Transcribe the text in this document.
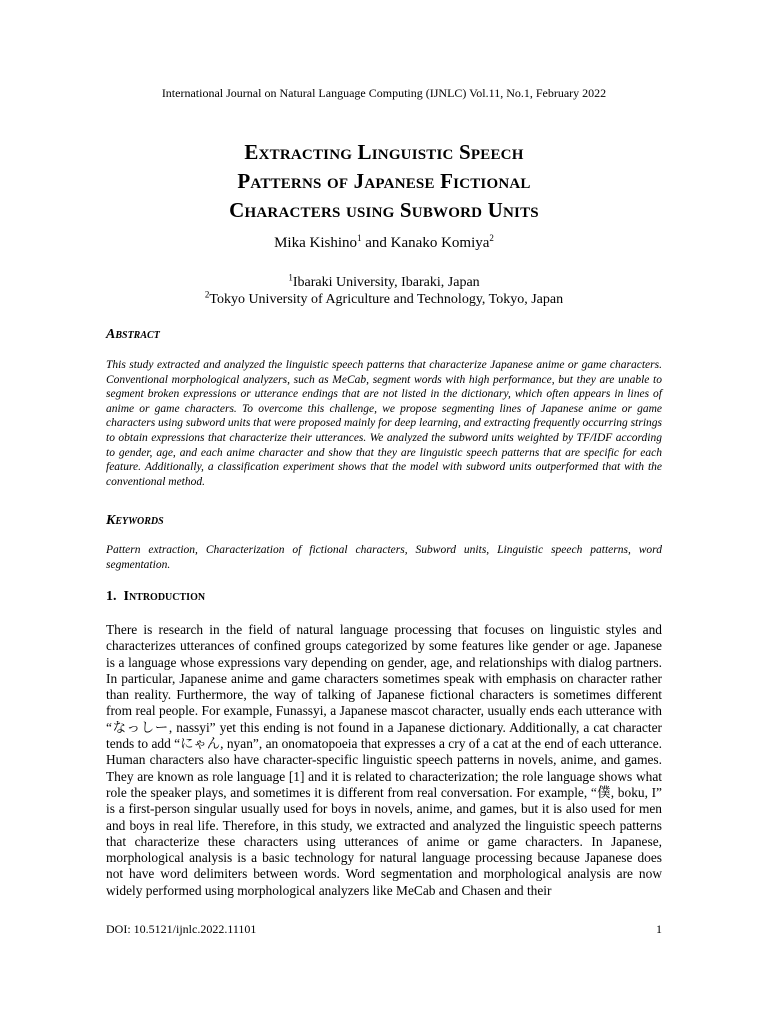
International Journal on Natural Language Computing (IJNLC) Vol.11, No.1, February 2022
Extracting Linguistic Speech
Patterns of Japanese Fictional
Characters using Subword Units
Mika Kishino$^1$ and Kanako Komiya$^2$
$^1$Ibaraki University, Ibaraki, Japan
$^2$Tokyo University of Agriculture and Technology, Tokyo, Japan
Abstract
This study extracted and analyzed the linguistic speech patterns that characterize Japanese anime or game characters. Conventional morphological analyzers, such as MeCab, segment words with high performance, but they are unable to segment broken expressions or utterance endings that are not listed in the dictionary, which often appears in lines of anime or game characters. To overcome this challenge, we propose segmenting lines of Japanese anime or game characters using subword units that were proposed mainly for deep learning, and extracting frequently occurring strings to obtain expressions that characterize their utterances. We analyzed the subword units weighted by TF/IDF according to gender, age, and each anime character and show that they are linguistic speech patterns that are specific for each feature. Additionally, a classification experiment shows that the model with subword units outperformed that with the conventional method.
Keywords
Pattern extraction, Characterization of fictional characters, Subword units, Linguistic speech patterns, word segmentation.
1. Introduction
There is research in the field of natural language processing that focuses on linguistic styles and characterizes utterances of confined groups categorized by some features like gender or age. Japanese is a language whose expressions vary depending on gender, age, and relationships with dialog partners. In particular, Japanese anime and game characters sometimes speak with emphasis on character rather than reality. Furthermore, the way of talking of Japanese fictional characters is sometimes different from real people. For example, Funassyi, a Japanese mascot character, usually ends each utterance with “なっしー, nassyi” yet this ending is not found in a Japanese dictionary. Additionally, a cat character tends to add “にゃん, nyan”, an onomatopoeia that expresses a cry of a cat at the end of each utterance. Human characters also have character-specific linguistic speech patterns in novels, anime, and games. They are known as role language [1] and it is related to characterization; the role language shows what role the speaker plays, and sometimes it is different from real conversation. For example, “僕, boku, I” is a first-person singular usually used for boys in novels, anime, and games, but it is also used for men and boys in real life. Therefore, in this study, we extracted and analyzed the linguistic speech patterns that characterize these characters using utterances of anime or game characters. In Japanese, morphological analysis is a basic technology for natural language processing because Japanese does not have word delimiters between words. Word segmentation and morphological analysis are now widely performed using morphological analyzers like MeCab and Chasen and their
DOI: 10.5121/ijnlc.2022.11101	1
